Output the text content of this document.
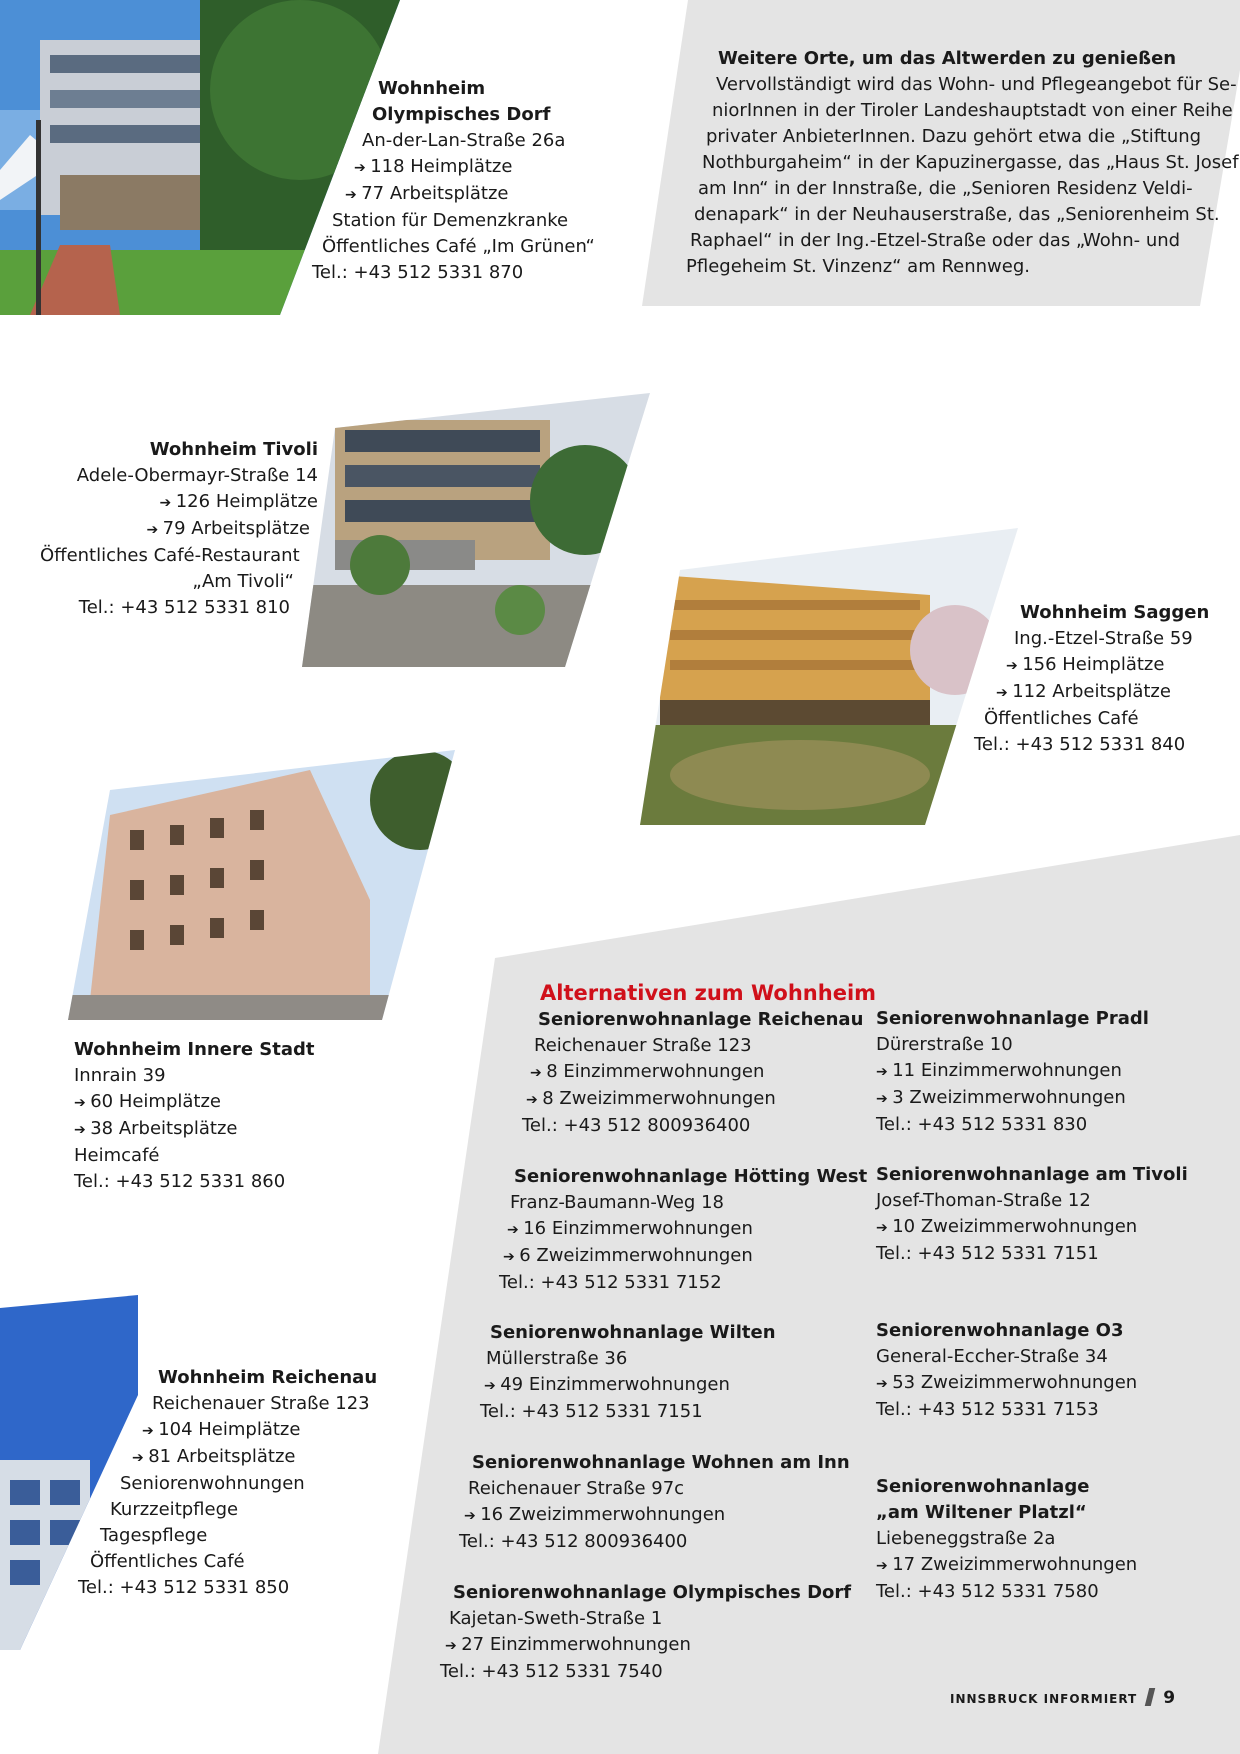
Wohnheim
Olympisches Dorf
An-der-Lan-Straße 26a
➔ 118 Heimplätze
➔ 77 Arbeitsplätze
Station für Demenzkranke
Öffentliches Café „Im Grünen“
Tel.: +43 512 5331 870
Weitere Orte, um das Altwerden zu genießen
Vervollständigt wird das Wohn- und Pflegeangebot für Se-
niorInnen in der Tiroler Landeshauptstadt von einer Reihe
privater AnbieterInnen. Dazu gehört etwa die „Stiftung
Nothburgaheim“ in der Kapuzinergasse, das „Haus St. Josef
am Inn“ in der Innstraße, die „Senioren Residenz Veldi-
denapark“ in der Neuhauserstraße, das „Seniorenheim St.
Raphael“ in der Ing.-Etzel-Straße oder das „Wohn- und
Pflegeheim St. Vinzenz“ am Rennweg.
Wohnheim Tivoli
Adele-Obermayr-Straße 14
➔ 126 Heimplätze
➔ 79 Arbeitsplätze
Öffentliches Café-Restaurant
„Am Tivoli“
Tel.: +43 512 5331 810	Wohnheim Saggen
Ing.-Etzel-Straße 59
➔ 156 Heimplätze
➔ 112 Arbeitsplätze
Öffentliches Café
Tel.: +43 512 5331 840
Wohnheim Innere Stadt
Innrain 39
➔ 60 Heimplätze
➔ 38 Arbeitsplätze
Heimcafé
Tel.: +43 512 5331 860
Wohnheim Reichenau
Reichenauer Straße 123
➔ 104 Heimplätze
➔ 81 Arbeitsplätze
Seniorenwohnungen
Kurzzeitpflege
Tagespflege
Öffentliches Café
Tel.: +43 512 5331 850
Alternativen zum Wohnheim
Seniorenwohnanlage Reichenau
Reichenauer Straße 123
➔ 8 Einzimmerwohnungen
➔ 8 Zweizimmerwohnungen
Tel.: +43 512 800936400
Seniorenwohnanlage Hötting West
Franz-Baumann-Weg 18
➔ 16 Einzimmerwohnungen
➔ 6 Zweizimmerwohnungen
Tel.: +43 512 5331 7152
Seniorenwohnanlage Wilten
Müllerstraße 36
➔ 49 Einzimmerwohnungen
Tel.: +43 512 5331 7151
Seniorenwohnanlage Wohnen am Inn
Reichenauer Straße 97c
➔ 16 Zweizimmerwohnungen
Tel.: +43 512 800936400
Seniorenwohnanlage Olympisches Dorf
Kajetan-Sweth-Straße 1
➔ 27 Einzimmerwohnungen
Tel.: +43 512 5331 7540
Seniorenwohnanlage Pradl
Dürerstraße 10
➔ 11 Einzimmerwohnungen
➔ 3 Zweizimmerwohnungen
Tel.: +43 512 5331 830
Seniorenwohnanlage am Tivoli
Josef-Thoman-Straße 12
➔ 10 Zweizimmerwohnungen
Tel.: +43 512 5331 7151
Seniorenwohnanlage O3
General-Eccher-Straße 34
➔ 53 Zweizimmerwohnungen
Tel.: +43 512 5331 7153
Seniorenwohnanlage
„am Wiltener Platzl“
Liebeneggstraße 2a
➔ 17 Zweizimmerwohnungen
Tel.: +43 512 5331 7580
INNSBRUCK INFORMIERT 9
